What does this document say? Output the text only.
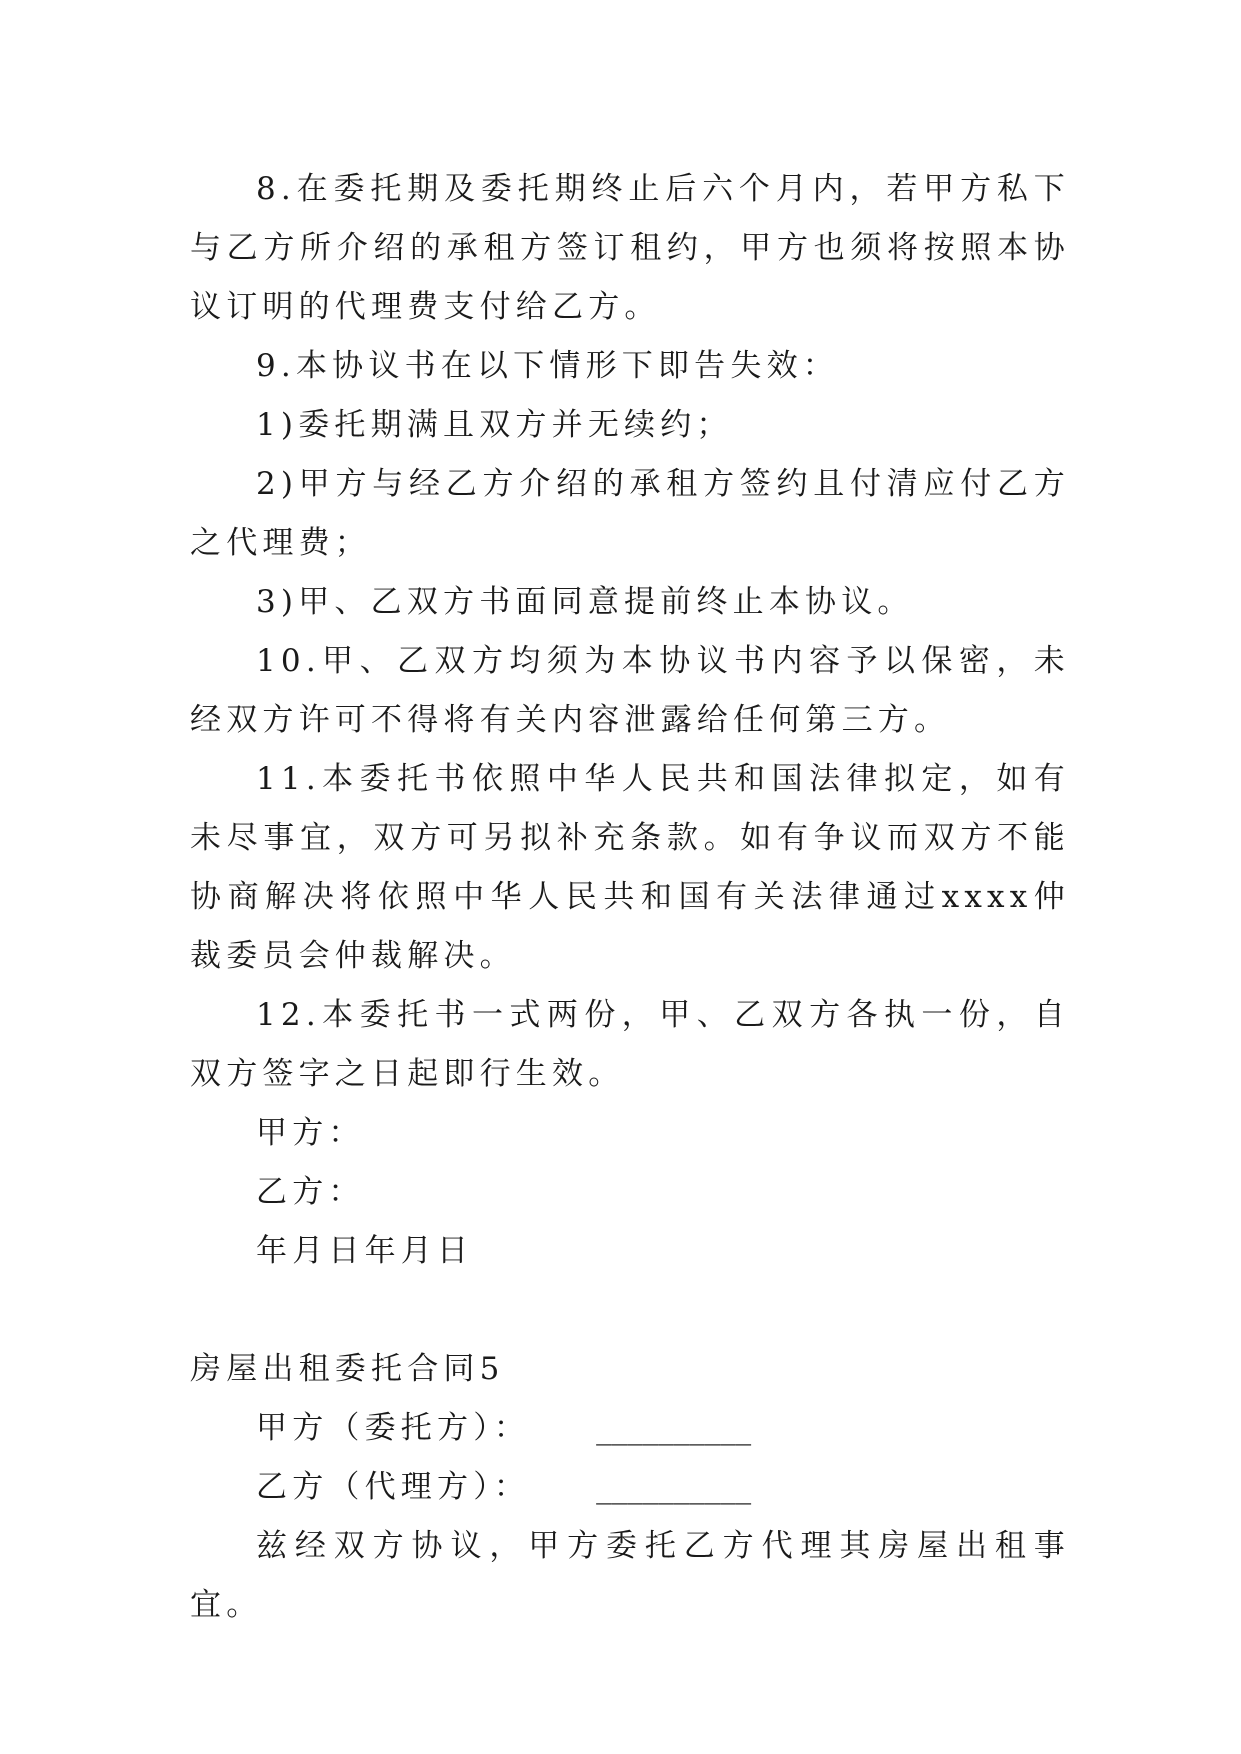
8.在委托期及委托期终止后六个月内，若甲方私下与乙方所介绍的承租方签订租约，甲方也须将按照本协议订明的代理费支付给乙方。

9.本协议书在以下情形下即告失效：

1)委托期满且双方并无续约；

2)甲方与经乙方介绍的承租方签约且付清应付乙方之代理费；

3)甲、乙双方书面同意提前终止本协议。

10.甲、乙双方均须为本协议书内容予以保密，未经双方许可不得将有关内容泄露给任何第三方。

11.本委托书依照中华人民共和国法律拟定，如有未尽事宜，双方可另拟补充条款。如有争议而双方不能协商解决将依照中华人民共和国有关法律通过xxxx仲裁委员会仲裁解决。

12.本委托书一式两份，甲、乙双方各执一份，自双方签字之日起即行生效。

甲方：

乙方：

年月日年月日

房屋出租委托合同5

甲方（委托方）： __________

乙方（代理方）： __________

兹经双方协议，甲方委托乙方代理其房屋出租事宜。
